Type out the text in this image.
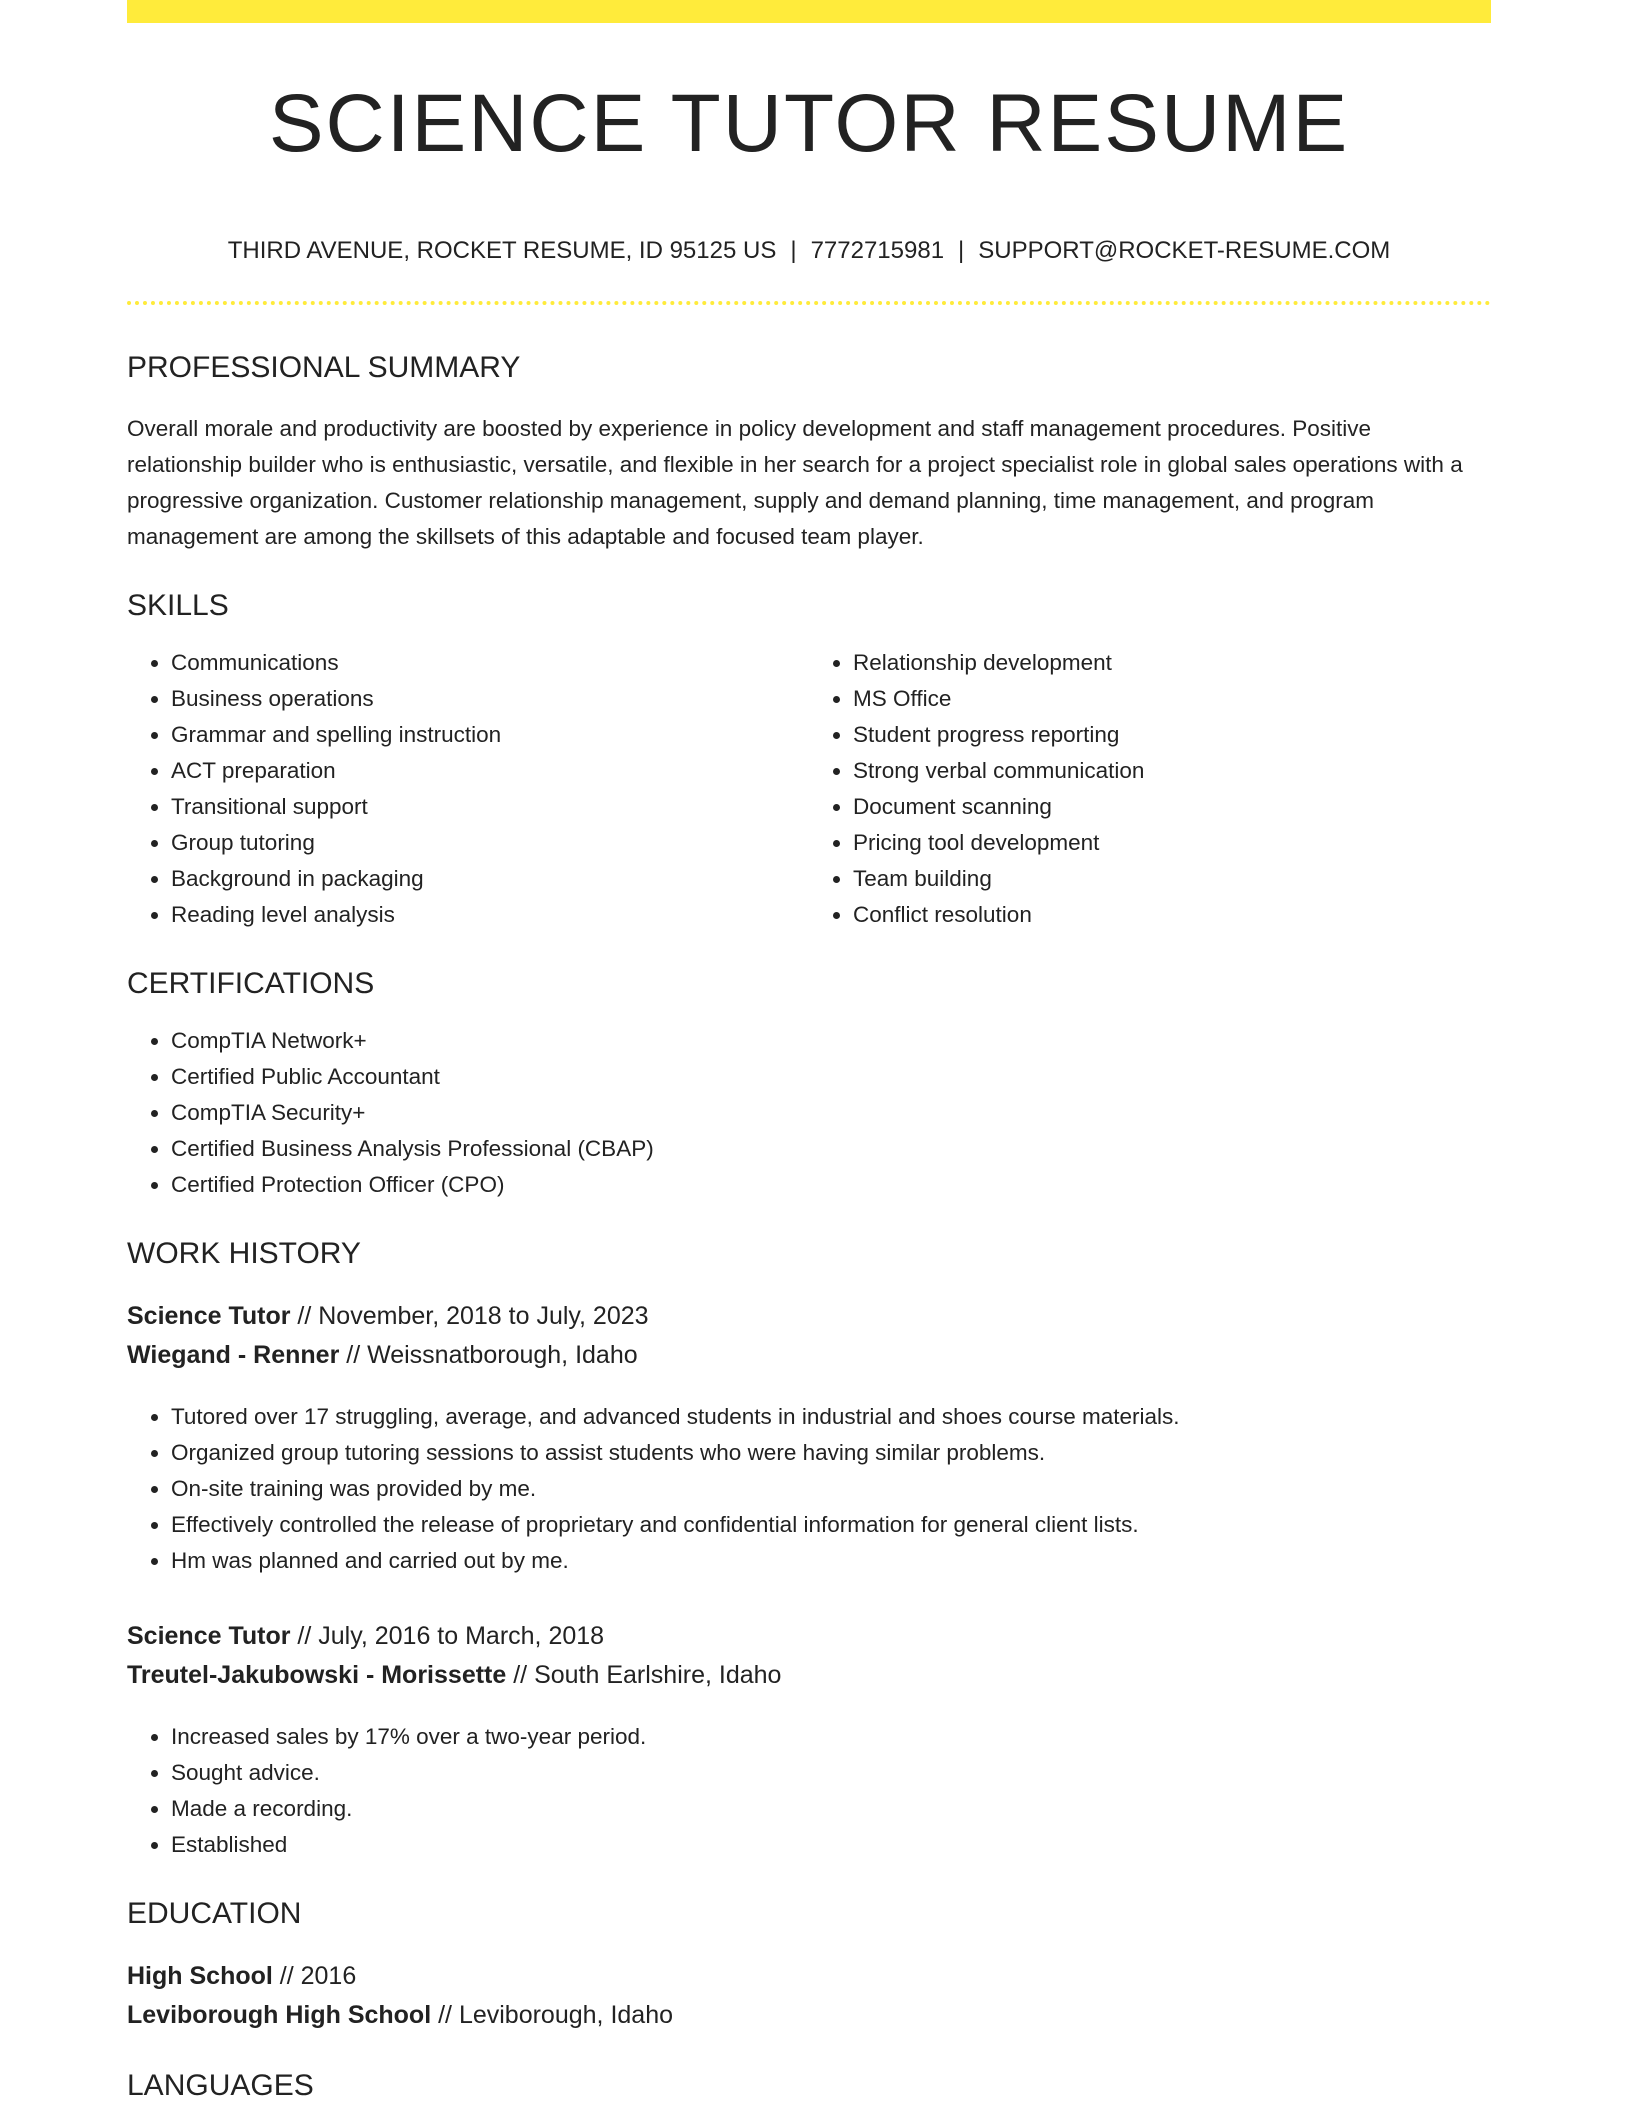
SCIENCE TUTOR RESUME
THIRD AVENUE, ROCKET RESUME, ID 95125 US | 7772715981 | SUPPORT@ROCKET-RESUME.COM
PROFESSIONAL SUMMARY

Overall morale and productivity are boosted by experience in policy development and staff management procedures. Positive relationship builder who is enthusiastic, versatile, and flexible in her search for a project specialist role in global sales operations with a progressive organization. Customer relationship management, supply and demand planning, time management, and program management are among the skillsets of this adaptable and focused team player.

SKILLS
• Communications
• Business operations
• Grammar and spelling instruction
• ACT preparation
• Transitional support
• Group tutoring
• Background in packaging
• Reading level analysis
• Relationship development
• MS Office
• Student progress reporting
• Strong verbal communication
• Document scanning
• Pricing tool development
• Team building
• Conflict resolution
CERTIFICATIONS
• CompTIA Network+
• Certified Public Accountant
• CompTIA Security+
• Certified Business Analysis Professional (CBAP)
• Certified Protection Officer (CPO)
WORK HISTORY
Science Tutor // November, 2018 to July, 2023
Wiegand - Renner // Weissnatborough, Idaho
• Tutored over 17 struggling, average, and advanced students in industrial and shoes course materials.
• Organized group tutoring sessions to assist students who were having similar problems.
• On-site training was provided by me.
• Effectively controlled the release of proprietary and confidential information for general client lists.
• Hm was planned and carried out by me.
Science Tutor // July, 2016 to March, 2018
Treutel-Jakubowski - Morissette // South Earlshire, Idaho
• Increased sales by 17% over a two-year period.
• Sought advice.
• Made a recording.
• Established
EDUCATION
High School // 2016
Leviborough High School // Leviborough, Idaho
LANGUAGES
